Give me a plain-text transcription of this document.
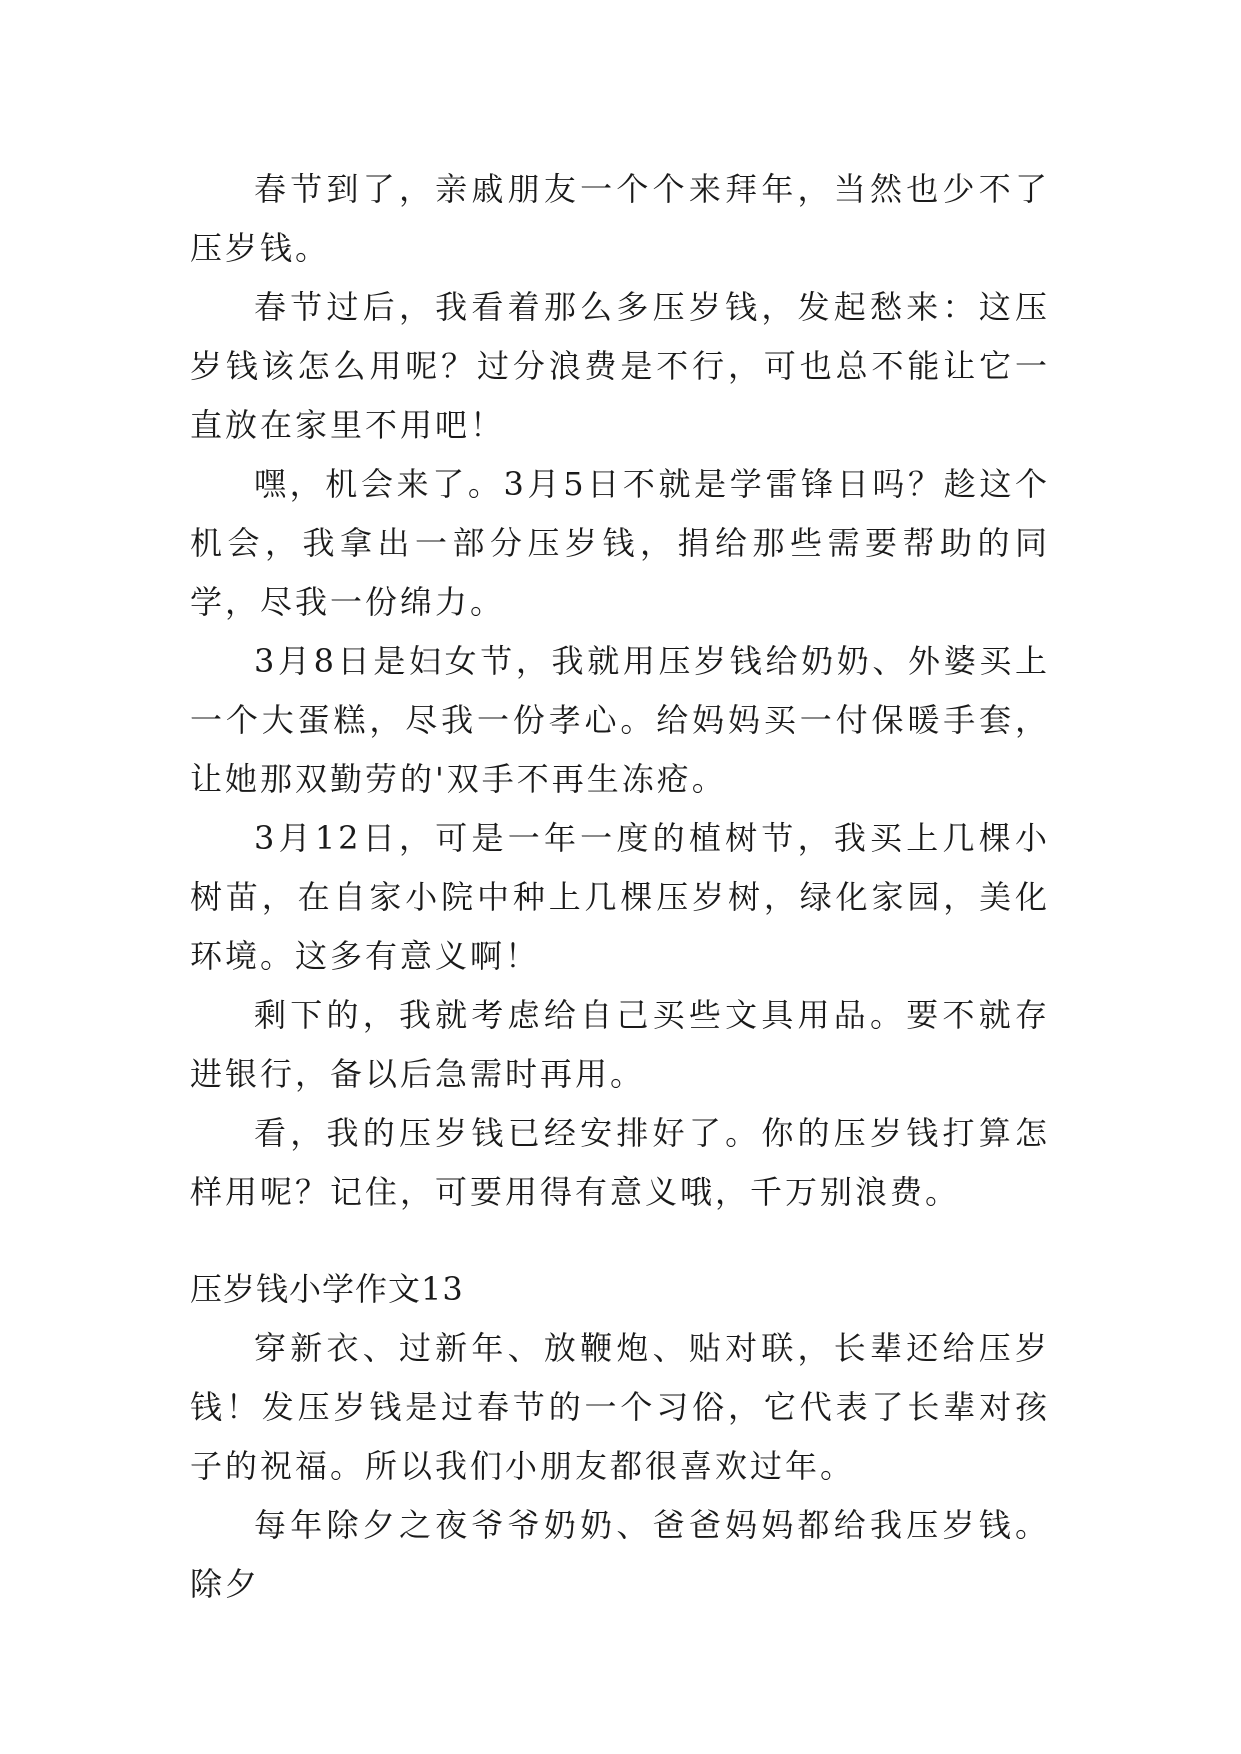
春节到了，亲戚朋友一个个来拜年，当然也少不了压岁钱。

春节过后，我看着那么多压岁钱，发起愁来：这压岁钱该怎么用呢？过分浪费是不行，可也总不能让它一直放在家里不用吧！

嘿，机会来了。3月5日不就是学雷锋日吗？趁这个机会，我拿出一部分压岁钱，捐给那些需要帮助的同学，尽我一份绵力。

3月8日是妇女节，我就用压岁钱给奶奶、外婆买上一个大蛋糕，尽我一份孝心。给妈妈买一付保暖手套，让她那双勤劳的'双手不再生冻疮。

3月12日，可是一年一度的植树节，我买上几棵小树苗，在自家小院中种上几棵压岁树，绿化家园，美化环境。这多有意义啊！

剩下的，我就考虑给自己买些文具用品。要不就存进银行，备以后急需时再用。

看，我的压岁钱已经安排好了。你的压岁钱打算怎样用呢？记住，可要用得有意义哦，千万别浪费。

压岁钱小学作文13

穿新衣、过新年、放鞭炮、贴对联，长辈还给压岁钱！发压岁钱是过春节的一个习俗，它代表了长辈对孩子的祝福。所以我们小朋友都很喜欢过年。

每年除夕之夜爷爷奶奶、爸爸妈妈都给我压岁钱。除夕
